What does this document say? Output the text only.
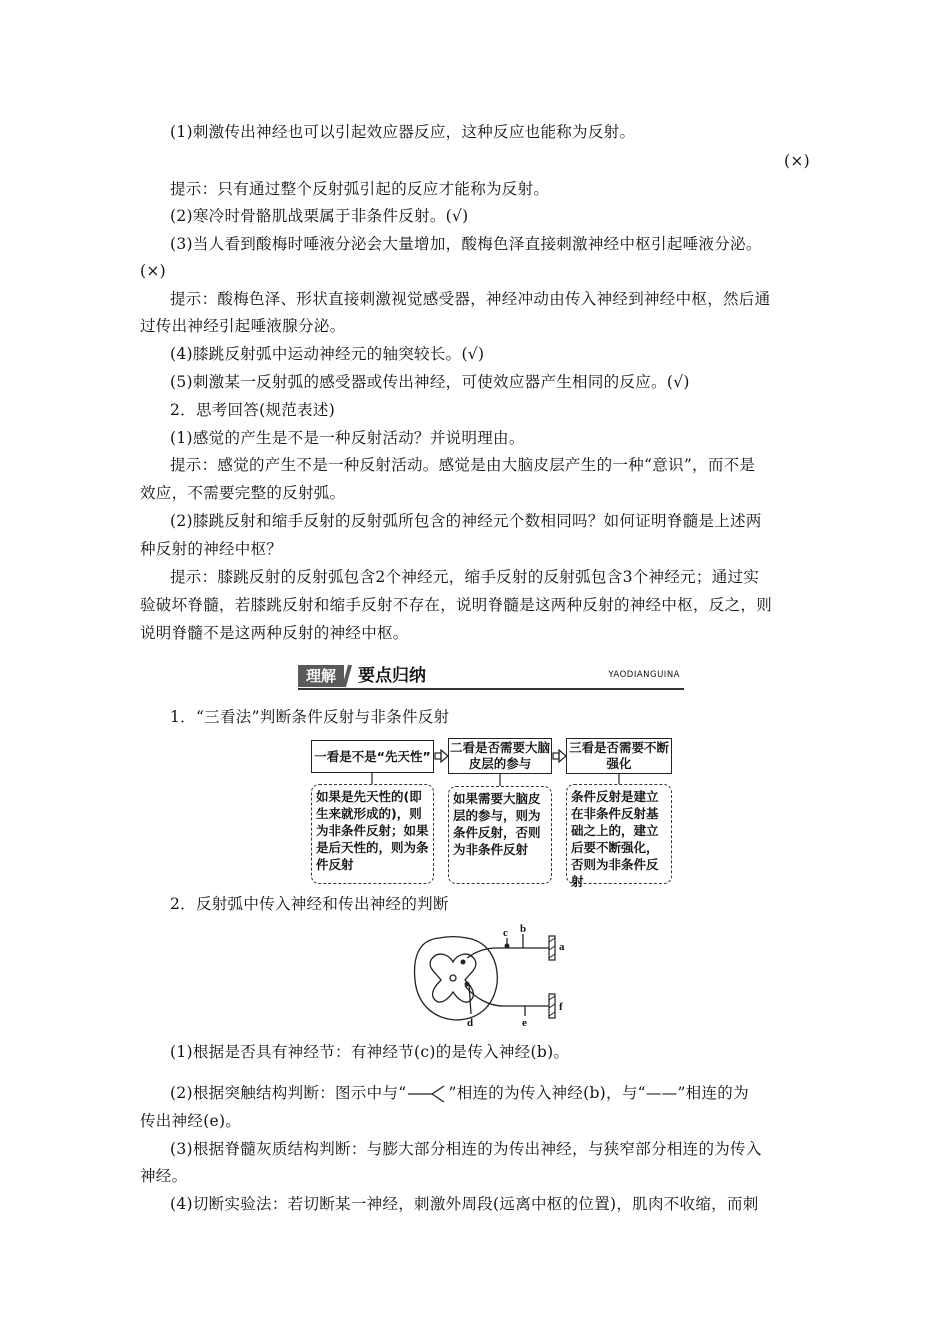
(1)刺激传出神经也可以引起效应器反应，这种反应也能称为反射。
(×)
提示：只有通过整个反射弧引起的反应才能称为反射。
(2)寒冷时骨骼肌战栗属于非条件反射。(√)
(3)当人看到酸梅时唾液分泌会大量增加，酸梅色泽直接刺激神经中枢引起唾液分泌。
(×)
提示：酸梅色泽、形状直接刺激视觉感受器，神经冲动由传入神经到神经中枢，然后通
过传出神经引起唾液腺分泌。
(4)膝跳反射弧中运动神经元的轴突较长。(√)
(5)刺激某一反射弧的感受器或传出神经，可使效应器产生相同的反应。(√)
2．思考回答(规范表述)
(1)感觉的产生是不是一种反射活动？并说明理由。
提示：感觉的产生不是一种反射活动。感觉是由大脑皮层产生的一种“意识”，而不是
效应，不需要完整的反射弧。
(2)膝跳反射和缩手反射的反射弧所包含的神经元个数相同吗？如何证明脊髓是上述两
种反射的神经中枢？
提示：膝跳反射的反射弧包含2个神经元，缩手反射的反射弧包含3个神经元；通过实
验破坏脊髓，若膝跳反射和缩手反射不存在，说明脊髓是这两种反射的神经中枢，反之，则
说明脊髓不是这两种反射的神经中枢。
理解	要点归纳	YAODIANGUINA
1．“三看法”判断条件反射与非条件反射
一看是不是“先天性”
二看是否需要大脑皮层的参与
三看是否需要不断强化
如果是先天性的(即生来就形成的)，则为非条件反射；如果是后天性的，则为条件反射
如果需要大脑皮层的参与，则为条件反射，否则为非条件反射
条件反射是建立在非条件反射基础之上的，建立后要不断强化，否则为非条件反射
2．反射弧中传入神经和传出神经的判断
c b
a
d	e
f
(1)根据是否具有神经节：有神经节(c)的是传入神经(b)。
(2)根据突触结构判断：图示中与“	”相连的为传入神经(b)，与“——”相连的为
传出神经(e)。
(3)根据脊髓灰质结构判断：与膨大部分相连的为传出神经，与狭窄部分相连的为传入
神经。
(4)切断实验法：若切断某一神经，刺激外周段(远离中枢的位置)，肌肉不收缩，而刺
